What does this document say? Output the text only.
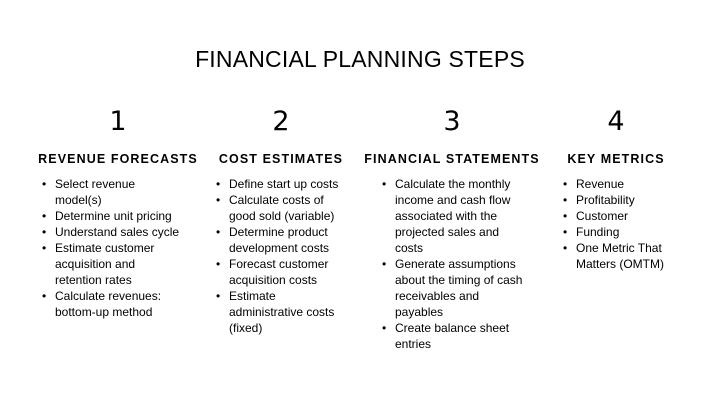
FINANCIAL PLANNING STEPS
1
REVENUE FORECASTS
• Select revenue model(s)
• Determine unit pricing
• Understand sales cycle
• Estimate customer acquisition and retention rates
• Calculate revenues: bottom-up method
2
COST ESTIMATES
• Define start up costs
• Calculate costs of good sold (variable)
• Determine product development costs
• Forecast customer acquisition costs
• Estimate administrative costs (fixed)
3
FINANCIAL STATEMENTS
• Calculate the monthly income and cash flow associated with the projected sales and costs
• Generate assumptions about the timing of cash receivables and payables
• Create balance sheet entries
4
KEY METRICS
• Revenue
• Profitability
• Customer
• Funding
• One Metric That Matters (OMTM)
